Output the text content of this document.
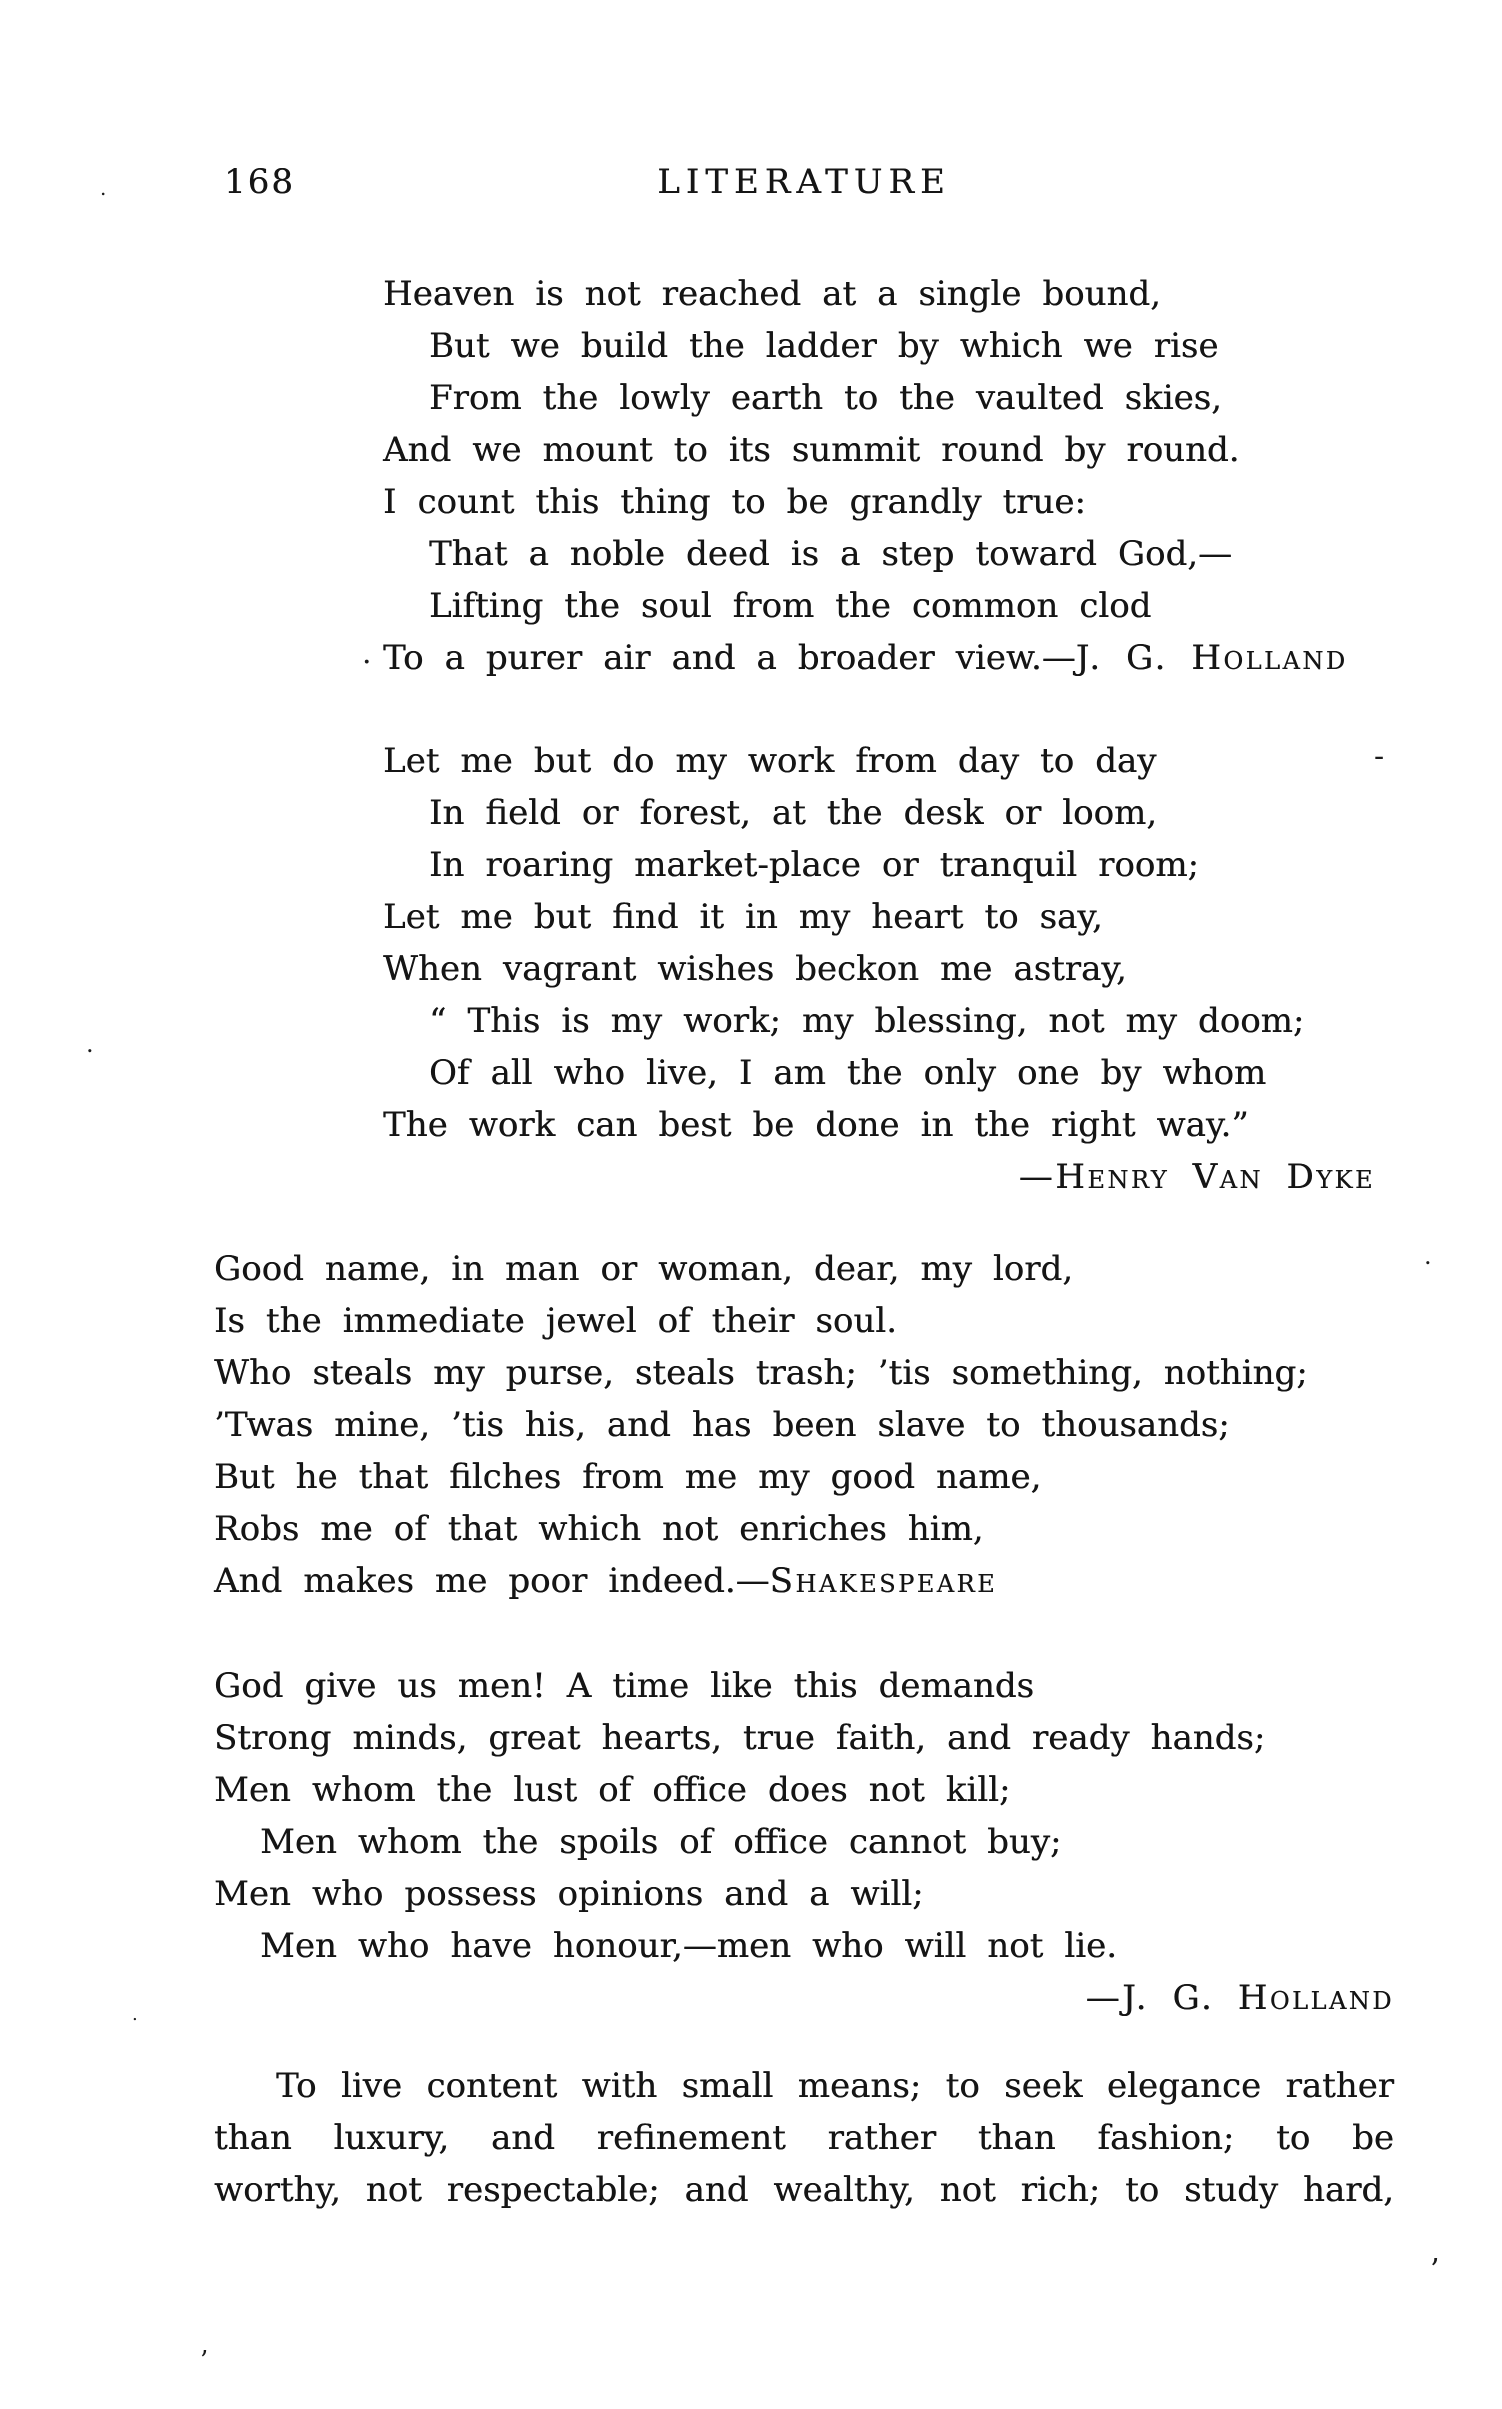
168	LITERATURE
Heaven is not reached at a single bound,
But we build the ladder by which we rise
From the lowly earth to the vaulted skies,
And we mount to its summit round by round.
I count this thing to be grandly true:
That a noble deed is a step toward God,—
Lifting the soul from the common clod
To a purer air and a broader view.—J. G. Holland
Let me but do my work from day to day
In field or forest, at the desk or loom,
In roaring market-place or tranquil room;
Let me but find it in my heart to say,
When vagrant wishes beckon me astray,
“ This is my work; my blessing, not my doom;
Of all who live, I am the only one by whom
The work can best be done in the right way.”
—Henry Van Dyke
Good name, in man or woman, dear, my lord,
Is the immediate jewel of their soul.
Who steals my purse, steals trash; ’tis something, nothing;
’Twas mine, ’tis his, and has been slave to thousands;
But he that filches from me my good name,
Robs me of that which not enriches him,
And makes me poor indeed.—Shakespeare
God give us men! A time like this demands
Strong minds, great hearts, true faith, and ready hands;
Men whom the lust of office does not kill;
Men whom the spoils of office cannot buy;
Men who possess opinions and a will;
Men who have honour,—men who will not lie.
—J. G. Holland
To live content with small means; to seek elegance rather
than luxury, and refinement rather than fashion; to be
worthy, not respectable; and wealthy, not rich; to study hard,
.
·
.
-
.
.
’
’
